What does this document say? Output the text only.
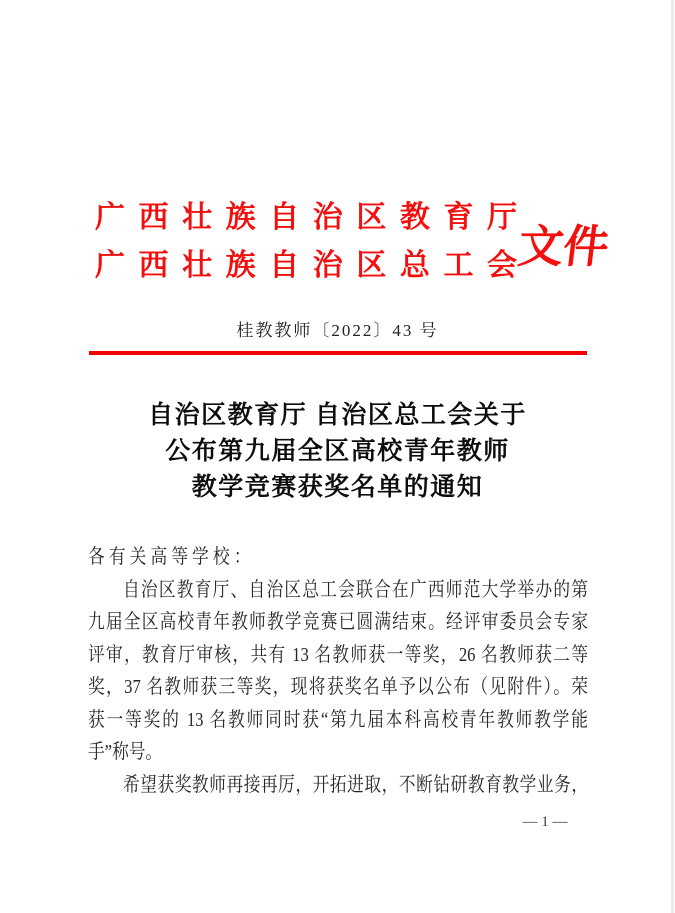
广西壮族自治区教育厅
广西壮族自治区总工会
文件
桂教教师〔2022〕43 号
自治区教育厅 自治区总工会关于
公布第九届全区高校青年教师
教学竞赛获奖名单的通知
各有关高等学校：
自治区教育厅、自治区总工会联合在广西师范大学举办的第
九届全区高校青年教师教学竞赛已圆满结束。经评审委员会专家
评审，教育厅审核，共有 13 名教师获一等奖，26 名教师获二等
奖，37 名教师获三等奖，现将获奖名单予以公布（见附件）。荣
获一等奖的 13 名教师同时获“第九届本科高校青年教师教学能
手”称号。
希望获奖教师再接再厉，开拓进取，不断钻研教育教学业务，
— 1 —
